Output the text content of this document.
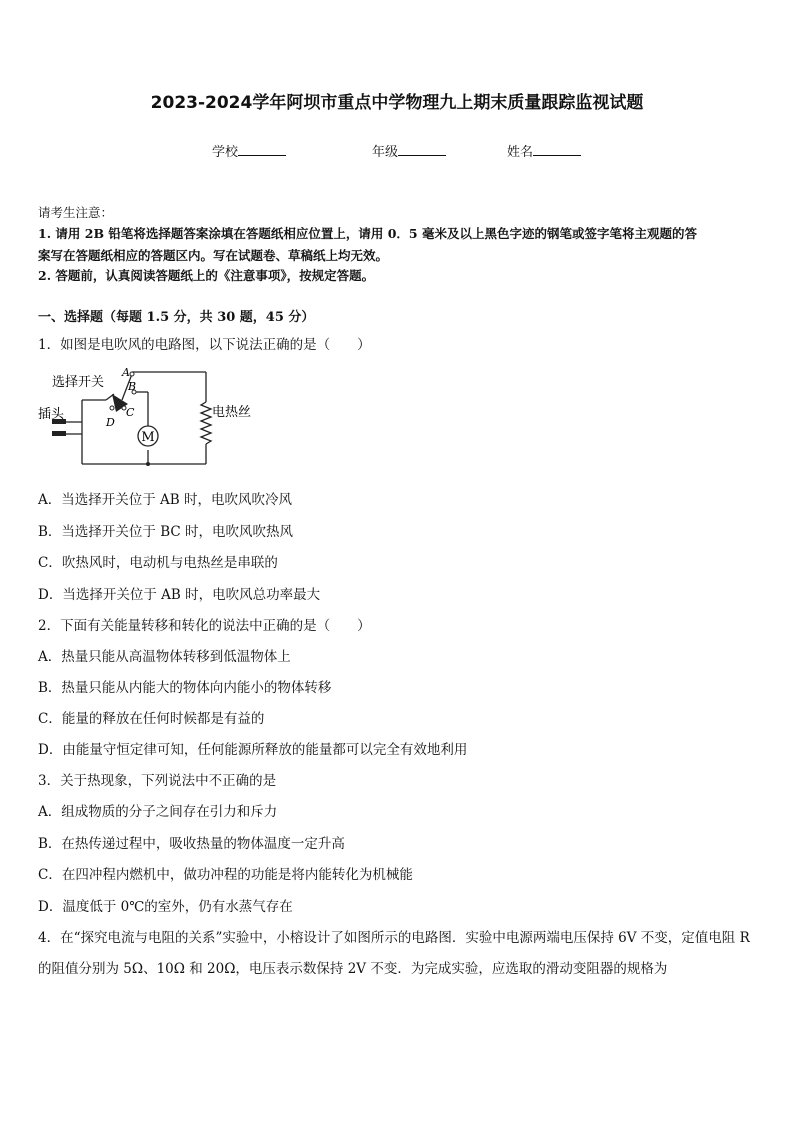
2023-2024学年阿坝市重点中学物理九上期末质量跟踪监视试题
学校	年级	姓名
请考生注意：
1. 请用 2B 铅笔将选择题答案涂填在答题纸相应位置上，请用 0．5 毫米及以上黑色字迹的钢笔或签字笔将主观题的答
案写在答题纸相应的答题区内。写在试题卷、草稿纸上均无效。
2. 答题前，认真阅读答题纸上的《注意事项》，按规定答题。
一、选择题（每题 1.5 分，共 30 题，45 分）
1．如图是电吹风的电路图，以下说法正确的是（　　）
M
选择开关
插头	电热丝
A
B
C
D
A．当选择开关位于 AB 时，电吹风吹冷风
B．当选择开关位于 BC 时，电吹风吹热风
C．吹热风时，电动机与电热丝是串联的
D．当选择开关位于 AB 时，电吹风总功率最大
2．下面有关能量转移和转化的说法中正确的是（　　）
A．热量只能从高温物体转移到低温物体上
B．热量只能从内能大的物体向内能小的物体转移
C．能量的释放在任何时候都是有益的
D．由能量守恒定律可知，任何能源所释放的能量都可以完全有效地利用
3．关于热现象，下列说法中不正确的是
A．组成物质的分子之间存在引力和斥力
B．在热传递过程中，吸收热量的物体温度一定升高
C．在四冲程内燃机中，做功冲程的功能是将内能转化为机械能
D．温度低于 0℃的室外，仍有水蒸气存在
4．在“探究电流与电阻的关系”实验中，小榕设计了如图所示的电路图．实验中电源两端电压保持 6V 不变，定值电阻 R
的阻值分别为 5Ω、10Ω 和 20Ω，电压表示数保持 2V 不变．为完成实验，应选取的滑动变阻器的规格为
